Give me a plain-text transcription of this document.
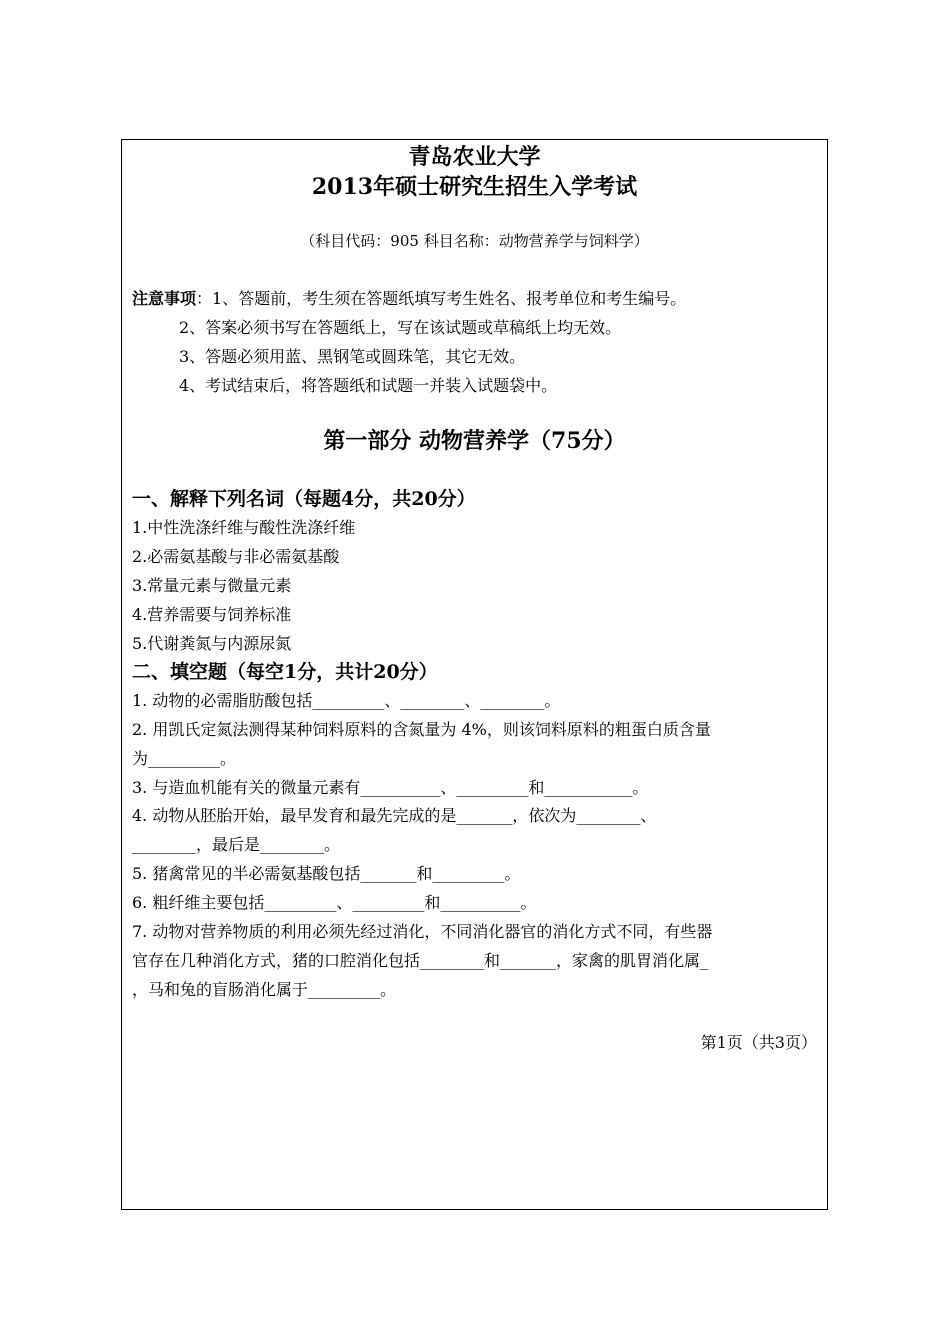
青岛农业大学
2013年硕士研究生招生入学考试
（科目代码：905 科目名称：动物营养学与饲料学）
注意事项：1、答题前，考生须在答题纸填写考生姓名、报考单位和考生编号。
2、答案必须书写在答题纸上，写在该试题或草稿纸上均无效。
3、答题必须用蓝、黑钢笔或圆珠笔，其它无效。
4、考试结束后，将答题纸和试题一并装入试题袋中。
第一部分 动物营养学（75分）
一、解释下列名词（每题4分，共20分）
1.中性洗涤纤维与酸性洗涤纤维
2.必需氨基酸与非必需氨基酸
3.常量元素与微量元素
4.营养需要与饲养标准
5.代谢粪氮与内源尿氮
二、填空题（每空1分，共计20分）
1. 动物的必需脂肪酸包括_________、________、________。
2. 用凯氏定氮法测得某种饲料原料的含氮量为 4%，则该饲料原料的粗蛋白质含量
为_________。
3. 与造血机能有关的微量元素有__________、_________和___________。
4. 动物从胚胎开始，最早发育和最先完成的是_______，依次为________、
________，最后是________。
5. 猪禽常见的半必需氨基酸包括_______和_________。
6. 粗纤维主要包括_________、_________和__________。
7. 动物对营养物质的利用必须先经过消化，不同消化器官的消化方式不同，有些器
官存在几种消化方式，猪的口腔消化包括________和_______，家禽的肌胃消化属_
，马和兔的盲肠消化属于_________。
第1页（共3页）
